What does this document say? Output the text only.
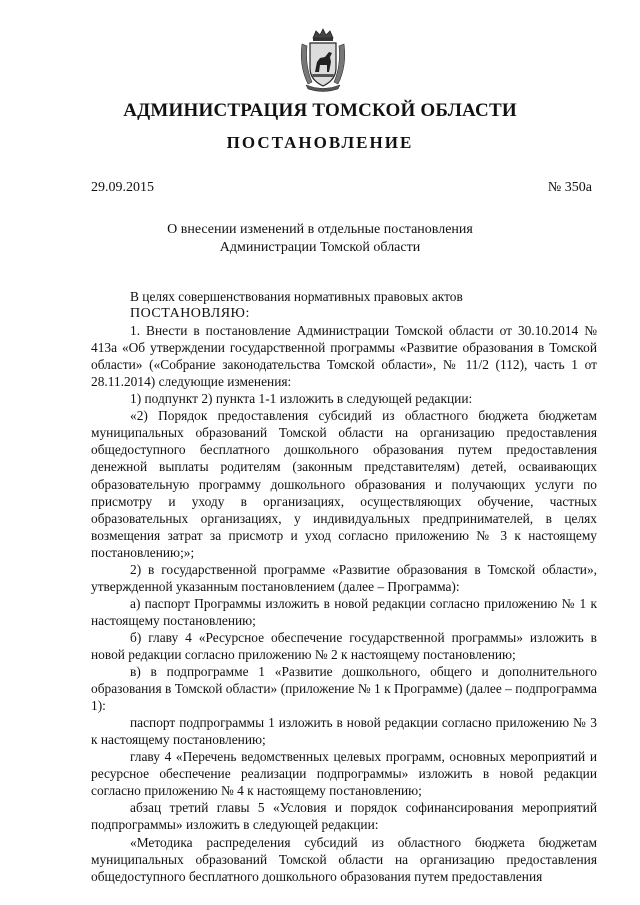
АДМИНИСТРАЦИЯ ТОМСКОЙ ОБЛАСТИ
ПОСТАНОВЛЕНИЕ
29.09.2015	№ 350а
О внесении изменений в отдельные постановления
Администрации Томской области

В целях совершенствования нормативных правовых актов

ПОСТАНОВЛЯЮ:

1. Внести в постановление Администрации Томской области от 30.10.2014 № 413а «Об утверждении государственной программы «Развитие образования в Томской области» («Собрание законодательства Томской области», № 11/2 (112), часть 1 от 28.11.2014) следующие изменения:

1) подпункт 2) пункта 1-1 изложить в следующей редакции:

«2) Порядок предоставления субсидий из областного бюджета бюджетам муниципальных образований Томской области на организацию предоставления общедоступного бесплатного дошкольного образования путем предоставления денежной выплаты родителям (законным представителям) детей, осваивающих образовательную программу дошкольного образования и получающих услуги по присмотру и уходу в организациях, осуществляющих обучение, частных образовательных организациях, у индивидуальных предпринимателей, в целях возмещения затрат за присмотр и уход согласно приложению № 3 к настоящему постановлению;»;

2) в государственной программе «Развитие образования в Томской области», утвержденной указанным постановлением (далее – Программа):

а) паспорт Программы изложить в новой редакции согласно приложению № 1 к настоящему постановлению;

б) главу 4 «Ресурсное обеспечение государственной программы» изложить в новой редакции согласно приложению № 2 к настоящему постановлению;

в) в подпрограмме 1 «Развитие дошкольного, общего и дополнительного образования в Томской области» (приложение № 1 к Программе) (далее – подпрограмма 1):

паспорт подпрограммы 1 изложить в новой редакции согласно приложению № 3 к настоящему постановлению;

главу 4 «Перечень ведомственных целевых программ, основных мероприятий и ресурсное обеспечение реализации подпрограммы» изложить в новой редакции согласно приложению № 4 к настоящему постановлению;

абзац третий главы 5 «Условия и порядок софинансирования мероприятий подпрограммы» изложить в следующей редакции:

«Методика распределения субсидий из областного бюджета бюджетам муниципальных образований Томской области на организацию предоставления общедоступного бесплатного дошкольного образования путем предоставления
